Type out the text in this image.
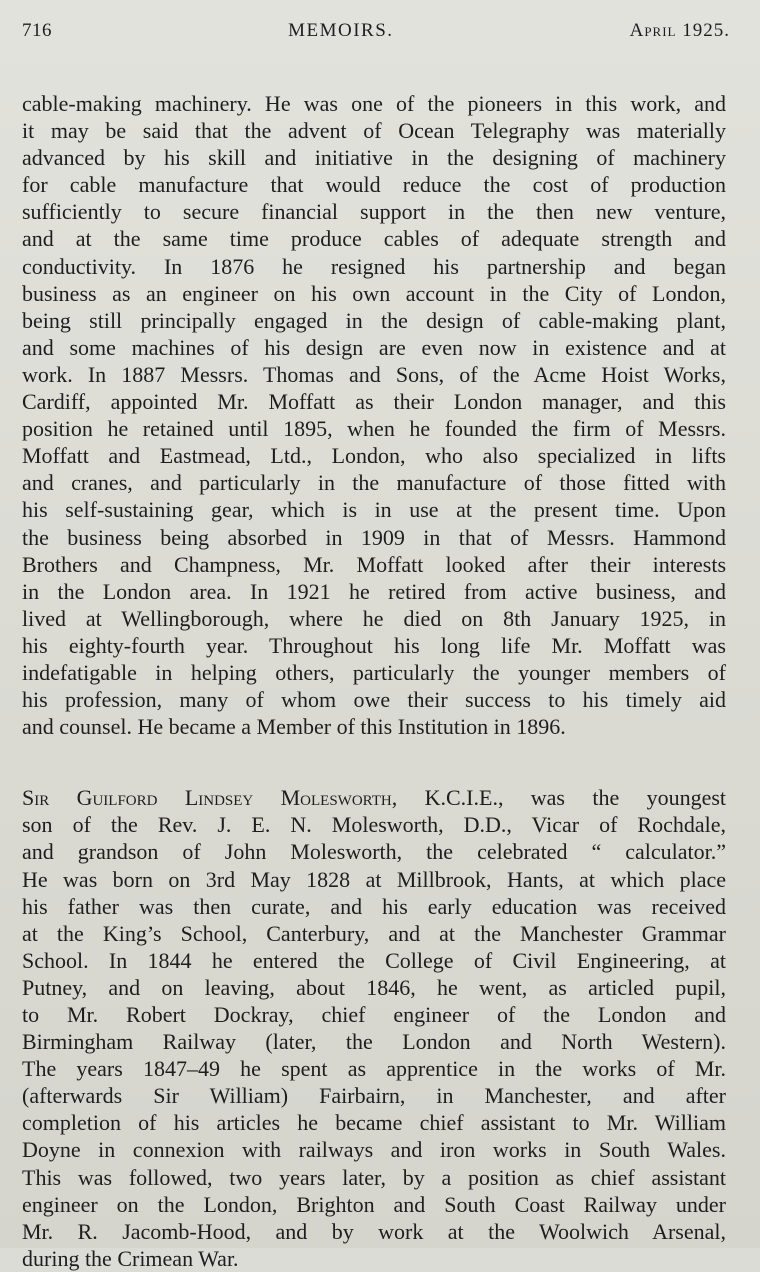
716	MEMOIRS.	April 1925.

cable-making machinery. He was one of the pioneers in this work, and
it may be said that the advent of Ocean Telegraphy was materially
advanced by his skill and initiative in the designing of machinery
for cable manufacture that would reduce the cost of production
sufficiently to secure financial support in the then new venture,
and at the same time produce cables of adequate strength and
conductivity. In 1876 he resigned his partnership and began
business as an engineer on his own account in the City of London,
being still principally engaged in the design of cable-making plant,
and some machines of his design are even now in existence and at
work. In 1887 Messrs. Thomas and Sons, of the Acme Hoist Works,
Cardiff, appointed Mr. Moffatt as their London manager, and this
position he retained until 1895, when he founded the firm of Messrs.
Moffatt and Eastmead, Ltd., London, who also specialized in lifts
and cranes, and particularly in the manufacture of those fitted with
his self-sustaining gear, which is in use at the present time. Upon
the business being absorbed in 1909 in that of Messrs. Hammond
Brothers and Champness, Mr. Moffatt looked after their interests
in the London area. In 1921 he retired from active business, and
lived at Wellingborough, where he died on 8th January 1925, in
his eighty-fourth year. Throughout his long life Mr. Moffatt was
indefatigable in helping others, particularly the younger members of
his profession, many of whom owe their success to his timely aid
and counsel. He became a Member of this Institution in 1896.

Sir Guilford Lindsey Molesworth, K.C.I.E., was the youngest
son of the Rev. J. E. N. Molesworth, D.D., Vicar of Rochdale,
and grandson of John Molesworth, the celebrated “ calculator.”
He was born on 3rd May 1828 at Millbrook, Hants, at which place
his father was then curate, and his early education was received
at the King’s School, Canterbury, and at the Manchester Grammar
School. In 1844 he entered the College of Civil Engineering, at
Putney, and on leaving, about 1846, he went, as articled pupil,
to Mr. Robert Dockray, chief engineer of the London and
Birmingham Railway (later, the London and North Western).
The years 1847–49 he spent as apprentice in the works of Mr.
(afterwards Sir William) Fairbairn, in Manchester, and after
completion of his articles he became chief assistant to Mr. William
Doyne in connexion with railways and iron works in South Wales.
This was followed, two years later, by a position as chief assistant
engineer on the London, Brighton and South Coast Railway under
Mr. R. Jacomb-Hood, and by work at the Woolwich Arsenal,
during the Crimean War.
